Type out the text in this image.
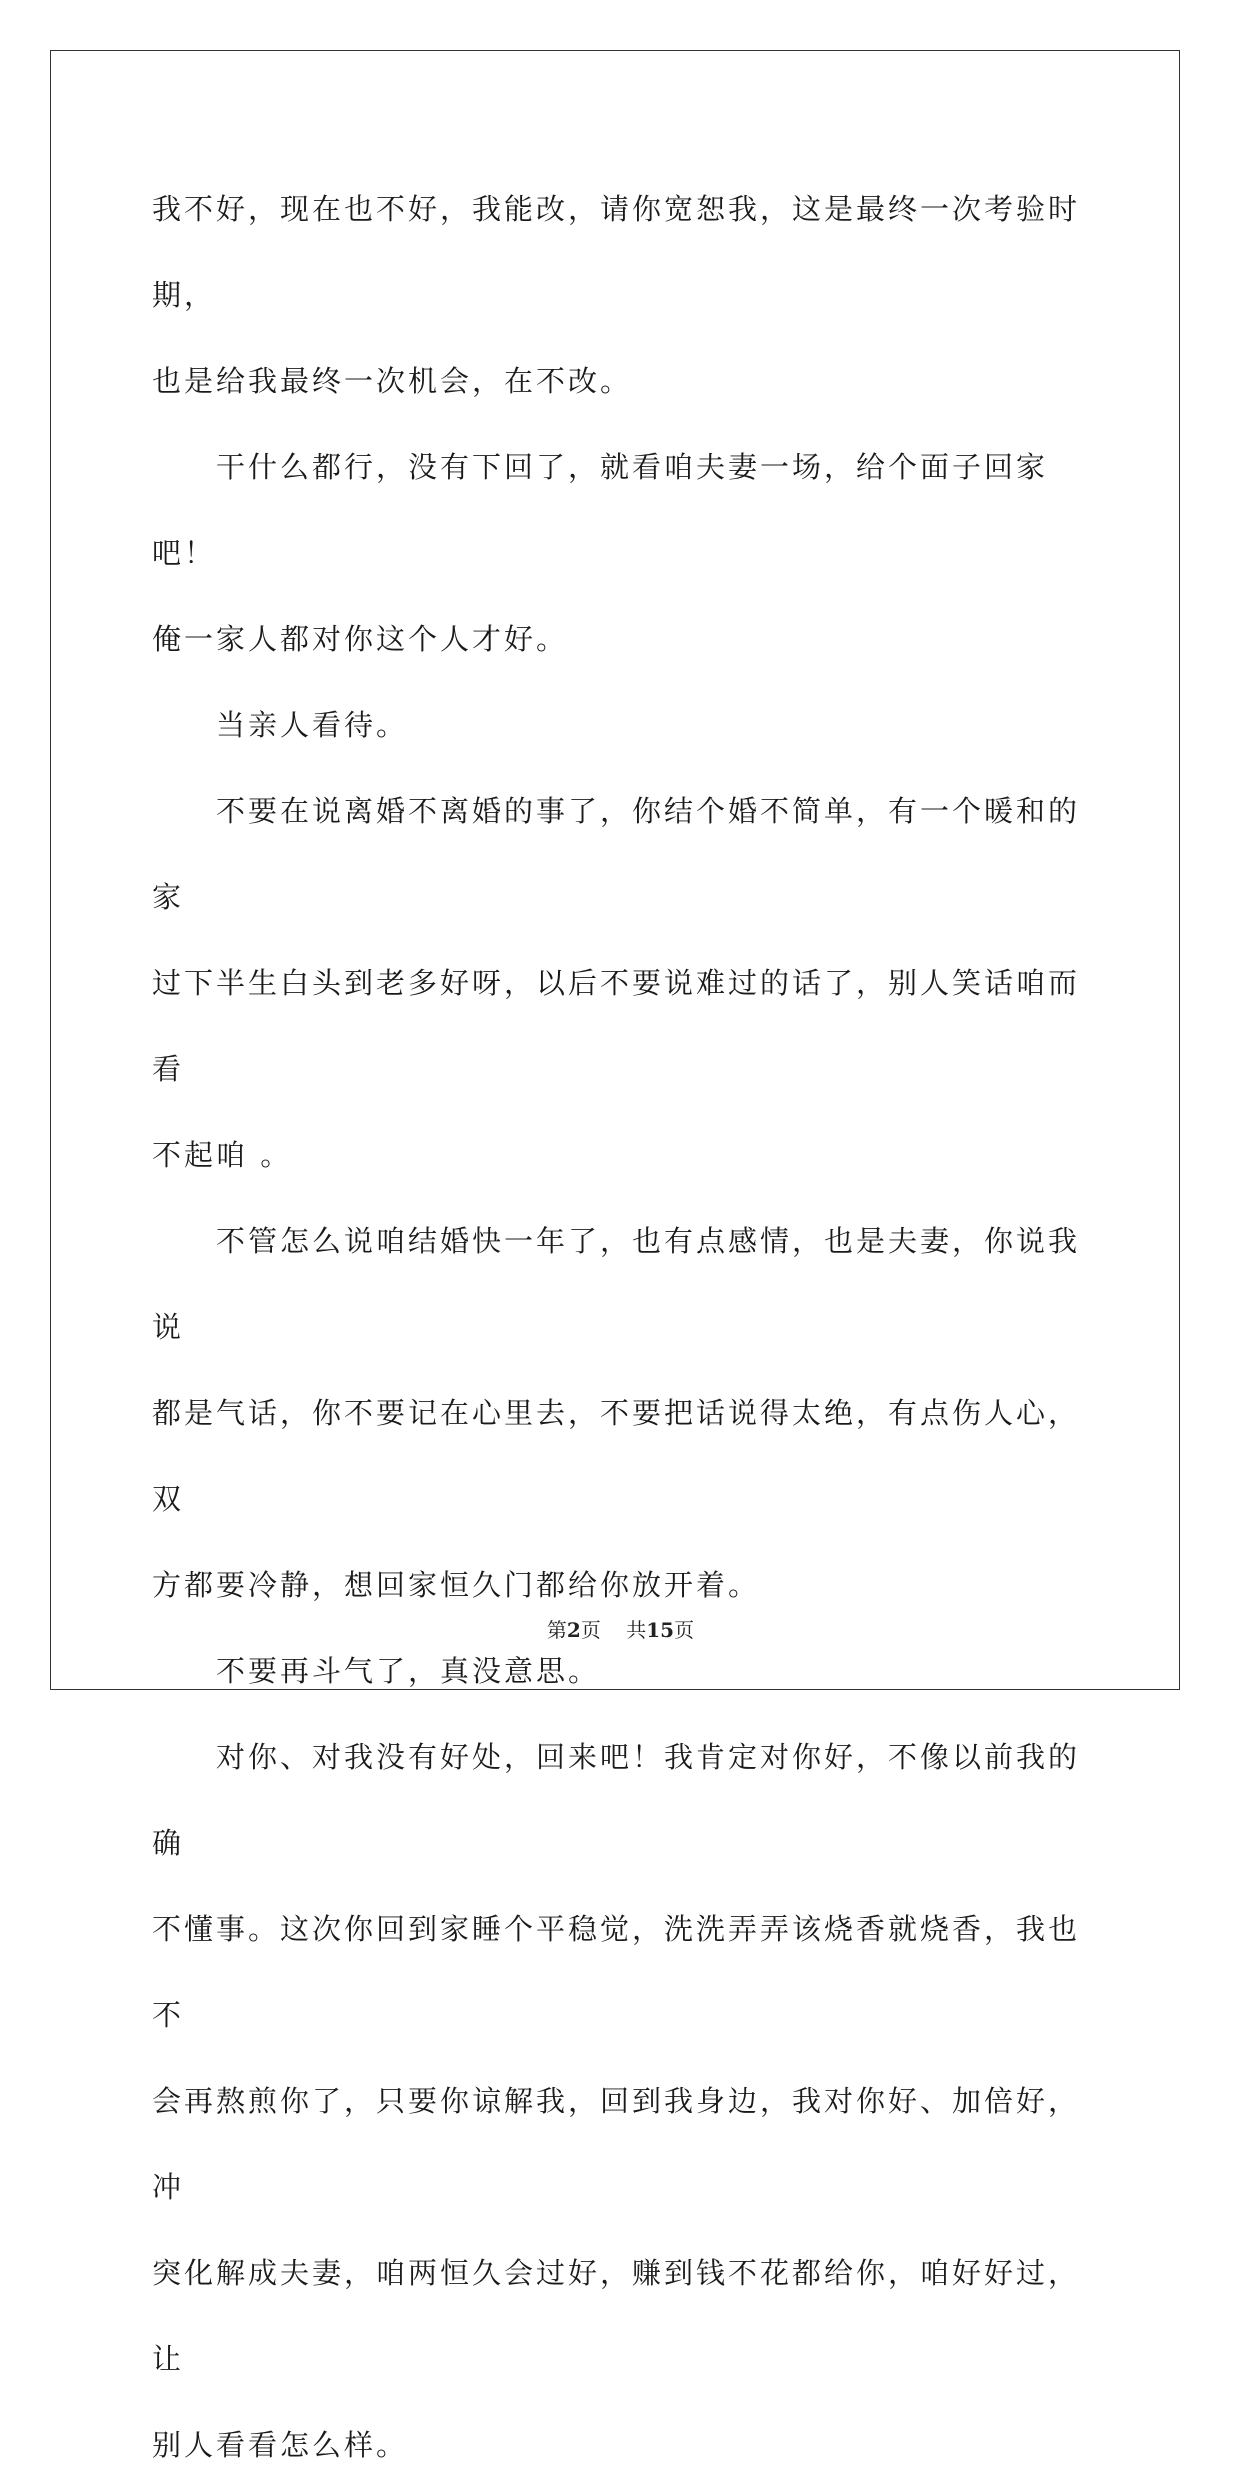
我不好，现在也不好，我能改，请你宽恕我，这是最终一次考验时期，
也是给我最终一次机会，在不改。

干什么都行，没有下回了，就看咱夫妻一场，给个面子回家吧！
俺一家人都对你这个人才好。

当亲人看待。

不要在说离婚不离婚的事了，你结个婚不简单，有一个暖和的家
过下半生白头到老多好呀，以后不要说难过的话了，别人笑话咱而看
不起咱 。

不管怎么说咱结婚快一年了，也有点感情，也是夫妻，你说我说
都是气话，你不要记在心里去，不要把话说得太绝，有点伤人心，双
方都要冷静，想回家恒久门都给你放开着。

不要再斗气了，真没意思。

对你、对我没有好处，回来吧！我肯定对你好，不像以前我的确
不懂事。这次你回到家睡个平稳觉，洗洗弄弄该烧香就烧香，我也不
会再熬煎你了，只要你谅解我，回到我身边，我对你好、加倍好，冲
突化解成夫妻，咱两恒久会过好，赚到钱不花都给你，咱好好过，让
别人看看怎么样。

第2页 共15页
